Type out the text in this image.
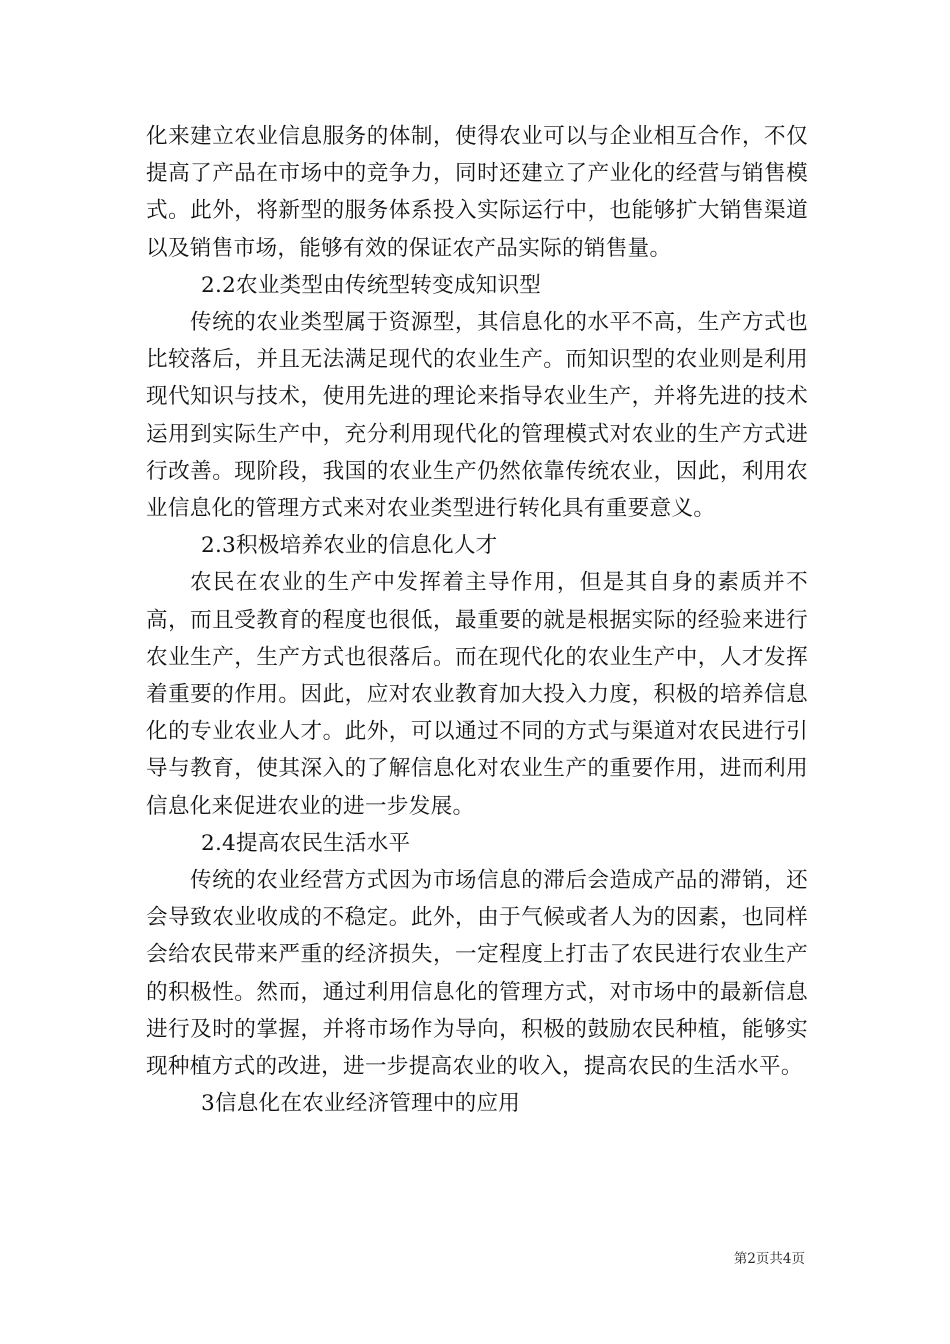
化来建立农业信息服务的体制，使得农业可以与企业相互合作，不仅提高了产品在市场中的竞争力，同时还建立了产业化的经营与销售模式。此外，将新型的服务体系投入实际运行中，也能够扩大销售渠道以及销售市场，能够有效的保证农产品实际的销售量。

2.2农业类型由传统型转变成知识型

传统的农业类型属于资源型，其信息化的水平不高，生产方式也比较落后，并且无法满足现代的农业生产。而知识型的农业则是利用现代知识与技术，使用先进的理论来指导农业生产，并将先进的技术运用到实际生产中，充分利用现代化的管理模式对农业的生产方式进行改善。现阶段，我国的农业生产仍然依靠传统农业，因此，利用农业信息化的管理方式来对农业类型进行转化具有重要意义。

2.3积极培养农业的信息化人才

农民在农业的生产中发挥着主导作用，但是其自身的素质并不高，而且受教育的程度也很低，最重要的就是根据实际的经验来进行农业生产，生产方式也很落后。而在现代化的农业生产中，人才发挥着重要的作用。因此，应对农业教育加大投入力度，积极的培养信息化的专业农业人才。此外，可以通过不同的方式与渠道对农民进行引导与教育，使其深入的了解信息化对农业生产的重要作用，进而利用信息化来促进农业的进一步发展。

2.4提高农民生活水平

传统的农业经营方式因为市场信息的滞后会造成产品的滞销，还会导致农业收成的不稳定。此外，由于气候或者人为的因素，也同样会给农民带来严重的经济损失，一定程度上打击了农民进行农业生产的积极性。然而，通过利用信息化的管理方式，对市场中的最新信息进行及时的掌握，并将市场作为导向，积极的鼓励农民种植，能够实现种植方式的改进，进一步提高农业的收入，提高农民的生活水平。

3信息化在农业经济管理中的应用

第2页共4页
